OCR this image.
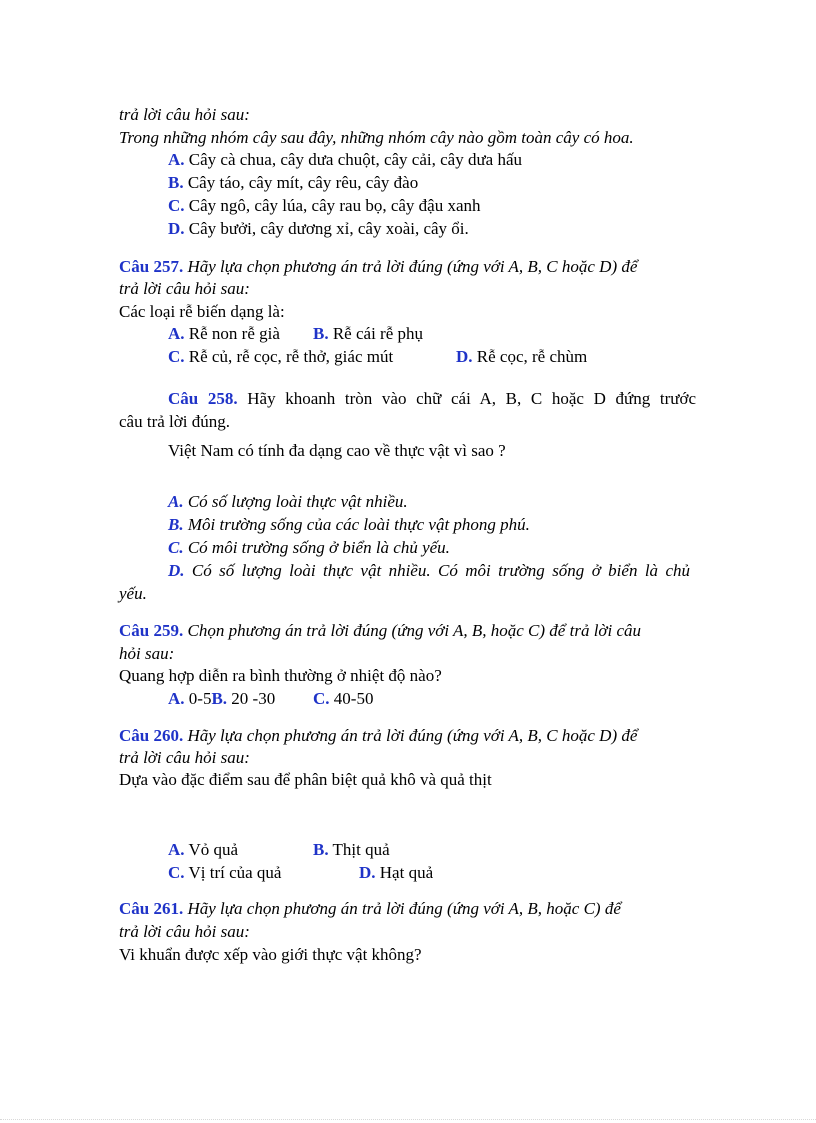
trả lời câu hỏi sau:
Trong những nhóm cây sau đây, những nhóm cây nào gồm toàn cây có hoa.
A. Cây cà chua, cây dưa chuột, cây cải, cây dưa hấu
B. Cây táo, cây mít, cây rêu, cây đào
C. Cây ngô, cây lúa, cây rau bọ, cây đậu xanh
D. Cây bưởi, cây dương xỉ, cây xoài, cây ổi.
Câu 257. Hãy lựa chọn phương án trả lời đúng (ứng với A, B, C hoặc D) để
trả lời câu hỏi sau:
Các loại rễ biến dạng là:
A. Rễ non rễ già B. Rễ cái rễ phụ
C. Rễ củ, rễ cọc, rễ thở, giác mút	D. Rễ cọc, rễ chùm
Câu 258. Hãy khoanh tròn vào chữ cái A, B, C hoặc D đứng trước
câu trả lời đúng.
Việt Nam có tính đa dạng cao về thực vật vì sao ?
A. Có số lượng loài thực vật nhiều.
B. Môi trường sống của các loài thực vật phong phú.
C. Có môi trường sống ở biển là chủ yếu.
D. Có số lượng loài thực vật nhiều. Có môi trường sống ở biển là chủ
yếu.
Câu 259. Chọn phương án trả lời đúng (ứng với A, B, hoặc C) để trả lời câu
hỏi sau:
Quang hợp diễn ra bình thường ở nhiệt độ nào?
A. 0-5B. 20 -30 C. 40-50
Câu 260. Hãy lựa chọn phương án trả lời đúng (ứng với A, B, C hoặc D) để
trả lời câu hỏi sau:
Dựa vào đặc điểm sau để phân biệt quả khô và quả thịt
A. Vỏ quả	B. Thịt quả
C. Vị trí của quả	D. Hạt quả
Câu 261. Hãy lựa chọn phương án trả lời đúng (ứng với A, B, hoặc C) để
trả lời câu hỏi sau:
Vi khuẩn được xếp vào giới thực vật không?
